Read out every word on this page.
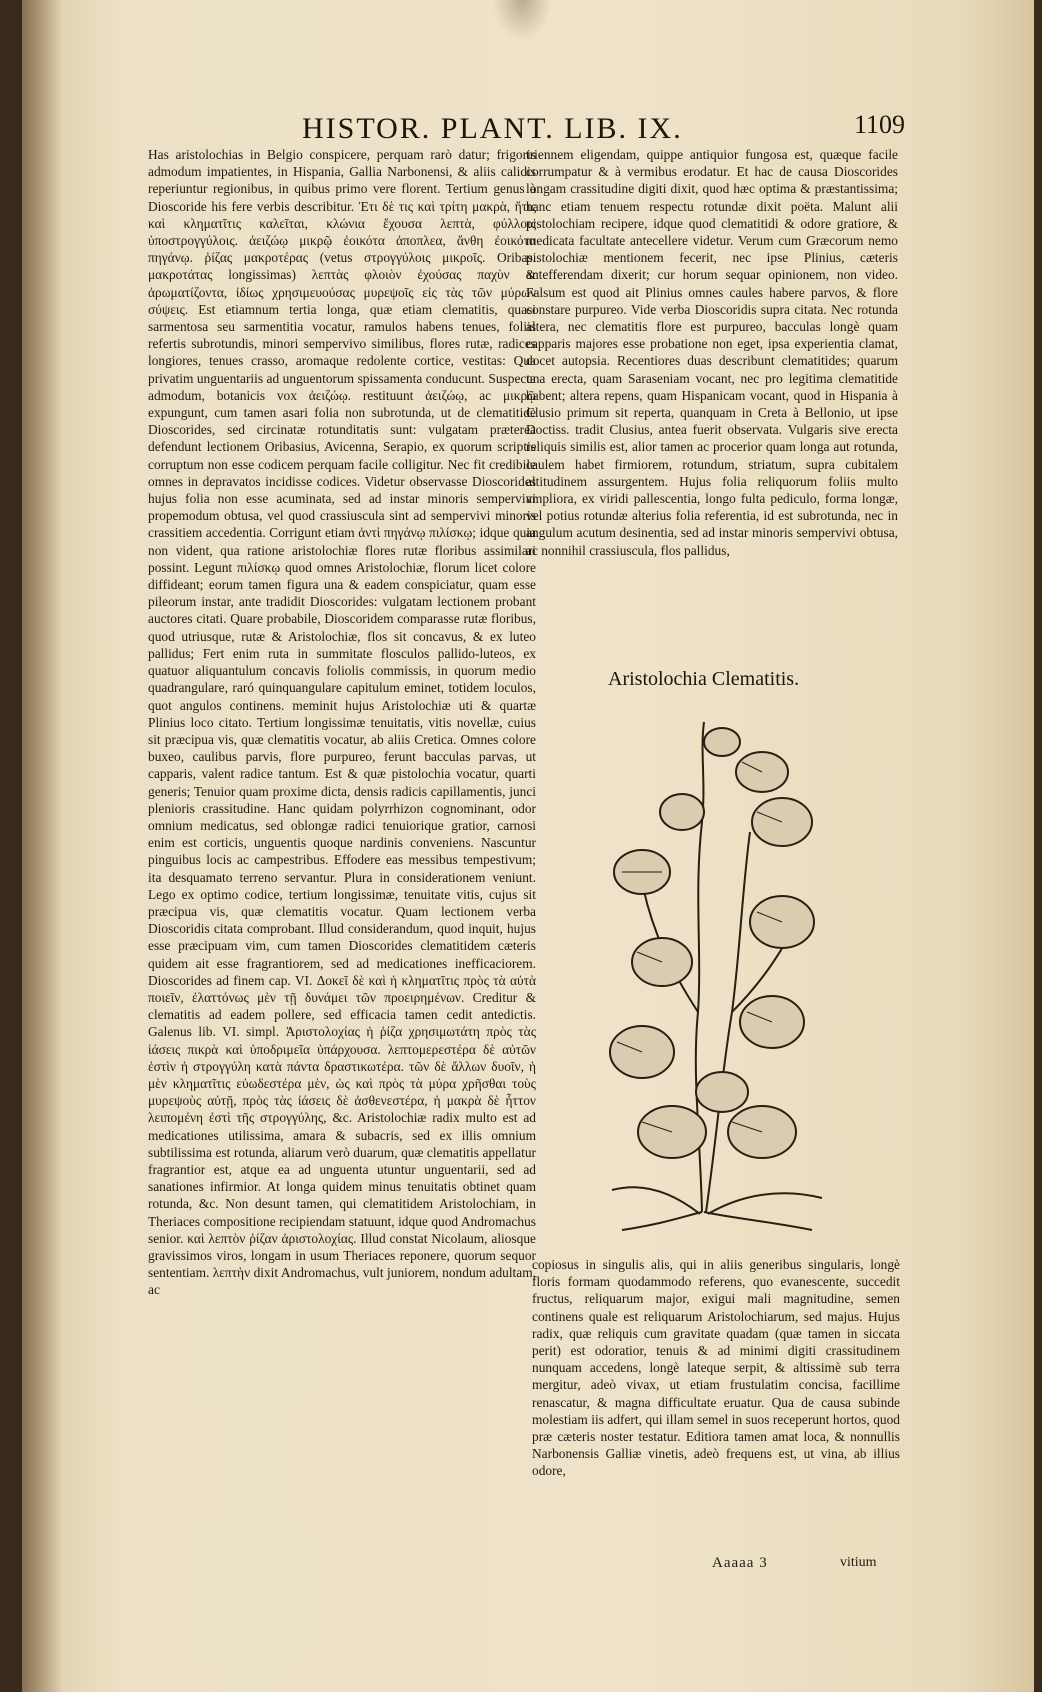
HISTOR. PLANT. LIB. IX.	1109

Has aristolochias in Belgio conspicere, perquam rarò datur; frigoris admodum impatientes, in Hispania, Gallia Narbonensi, & aliis calidis reperiuntur regionibus, in quibus primo vere florent. Tertium genus à Dioscoride his fere verbis describitur. Ἐτι δὲ τις καὶ τρίτη μακρὰ, ἥτις καὶ κληματῖτις καλεῖται, κλώνια ἔχουσα λεπτὰ, φύλλοις ὑποστρογγύλοις. ἀειζώῳ μικρῷ ἐοικότα ἀποπλεα, ἄνθη ἐοικότα πηγάνῳ. ῥίζας μακροτέρας (vetus στρογγύλοις μικροῖς. Oribas. μακροτάτας longissimas) λεπτὰς φλοιὸν ἐχούσας παχὺν & ἀρωματίζοντα, ἰδίως χρησιμευούσας μυρεψοῖς εἰς τὰς τῶν μύρων σύψεις. Est etiamnum tertia longa, quæ etiam clematitis, quasi sarmentosa seu sarmentitia vocatur, ramulos habens tenues, foliis refertis subrotundis, minori sempervivo similibus, flores rutæ, radices longiores, tenues crasso, aromaque redolente cortice, vestitas: Qua privatim unguentariis ad unguentorum spissamenta conducunt. Suspecta admodum, botanicis vox ἀειζώῳ. restituunt ἀειζώῳ, ac μικρῷ expungunt, cum tamen asari folia non subrotunda, ut de clematitide Dioscorides, sed circinatæ rotunditatis sunt: vulgatam præterea defendunt lectionem Oribasius, Avicenna, Serapio, ex quorum scriptis corruptum non esse codicem perquam facile colligitur. Nec fit credibile omnes in depravatos incidisse codices. Videtur observasse Dioscorides hujus folia non esse acuminata, sed ad instar minoris sempervivi propemodum obtusa, vel quod crassiuscula sint ad sempervivi minoris crassitiem accedentia. Corrigunt etiam ἀντὶ πηγάνῳ πιλίσκῳ; idque quia non vident, qua ratione aristolochiæ flores rutæ floribus assimilari possint. Legunt πιλίσκῳ quod omnes Aristolochiæ, florum licet colore diffideant; eorum tamen figura una & eadem conspiciatur, quam esse pileorum instar, ante tradidit Dioscorides: vulgatam lectionem probant auctores citati. Quare probabile, Dioscoridem comparasse rutæ floribus, quod utriusque, rutæ & Aristolochiæ, flos sit concavus, & ex luteo pallidus; Fert enim ruta in summitate flosculos pallido-luteos, ex quatuor aliquantulum concavis foliolis commissis, in quorum medio quadrangulare, raró quinquangulare capitulum eminet, totidem loculos, quot angulos continens. meminit hujus Aristolochiæ uti & quartæ Plinius loco citato. Tertium longissimæ tenuitatis, vitis novellæ, cuius sit præcipua vis, quæ clematitis vocatur, ab aliis Cretica. Omnes colore buxeo, caulibus parvis, flore purpureo, ferunt bacculas parvas, ut capparis, valent radice tantum. Est & quæ pistolochia vocatur, quarti generis; Tenuior quam proxime dicta, densis radicis capillamentis, junci plenioris crassitudine. Hanc quidam polyrrhizon cognominant, odor omnium medicatus, sed oblongæ radici tenuiorique gratior, carnosi enim est corticis, unguentis quoque nardinis conveniens. Nascuntur pinguibus locis ac campestribus. Effodere eas messibus tempestivum; ita desquamato terreno servantur. Plura in considerationem veniunt. Lego ex optimo codice, tertium longissimæ, tenuitate vitis, cujus sit præcipua vis, quæ clematitis vocatur. Quam lectionem verba Dioscoridis citata comprobant. Illud considerandum, quod inquit, hujus esse præcipuam vim, cum tamen Dioscorides clematitidem cæteris quidem ait esse fragrantiorem, sed ad medicationes inefficaciorem. Dioscorides ad finem cap. VI. Δοκεῖ δὲ καὶ ἡ κληματῖτις πρὸς τὰ αὐτὰ ποιεῖν, ἐλαττόνως μὲν τῇ δυνάμει τῶν προειρημένων. Creditur & clematitis ad eadem pollere, sed efficacia tamen cedit antedictis. Galenus lib. VI. simpl. Ἀριστολοχίας ἡ ῥίζα χρησιμωτάτη πρὸς τὰς ἰάσεις πικρὰ καὶ ὑποδριμεῖα ὑπάρχουσα. λεπτομερεστέρα δὲ αὐτῶν ἐστὶν ἡ στρογγύλη κατὰ πάντα δραστικωτέρα. τῶν δὲ ἄλλων δυοῖν, ἡ μὲν κληματῖτις εὐωδεστέρα μὲν, ὡς καὶ πρὸς τὰ μύρα χρῆσθαι τοὺς μυρεψοὺς αὐτῇ, πρὸς τὰς ἰάσεις δὲ ἀσθενεστέρα, ἡ μακρὰ δὲ ἧττον λειπομένη ἐστὶ τῆς στρογγύλης, &c. Aristolochiæ radix multo est ad medicationes utilissima, amara & subacris, sed ex illis omnium subtilissima est rotunda, aliarum verò duarum, quæ clematitis appellatur fragrantior est, atque ea ad unguenta utuntur unguentarii, sed ad sanationes infirmior. At longa quidem minus tenuitatis obtinet quam rotunda, &c. Non desunt tamen, qui clematitidem Aristolochiam, in Theriaces compositione recipiendam statuunt, idque quod Andromachus senior. καὶ λεπτὸν ῥίζαν ἀριστολοχίας. Illud constat Nicolaum, aliosque gravissimos viros, longam in usum Theriaces reponere, quorum sequor sententiam. λεπτὴν dixit Andromachus, vult juniorem, nondum adultam, ac

triennem eligendam, quippe antiquior fungosa est, quæque facile corrumpatur & à vermibus erodatur. Et hac de causa Dioscorides longam crassitudine digiti dixit, quod hæc optima & præstantissima; hanc etiam tenuem respectu rotundæ dixit poëta. Malunt alii pistolochiam recipere, idque quod clematitidi & odore gratiore, & medicata facultate antecellere videtur. Verum cum Græcorum nemo pistolochiæ mentionem fecerit, nec ipse Plinius, cæteris antefferendam dixerit; cur horum sequar opinionem, non video. Falsum est quod ait Plinius omnes caules habere parvos, & flore constare purpureo. Vide verba Dioscoridis supra citata. Nec rotunda altera, nec clematitis flore est purpureo, bacculas longè quam capparis majores esse probatione non eget, ipsa experientia clamat, docet autopsia. Recentiores duas describunt clematitides; quarum una erecta, quam Saraseniam vocant, nec pro legitima clematitide habent; altera repens, quam Hispanicam vocant, quod in Hispania à Clusio primum sit reperta, quanquam in Creta à Bellonio, ut ipse Doctiss. tradit Clusius, antea fuerit observata. Vulgaris sive erecta reliquis similis est, alior tamen ac procerior quam longa aut rotunda, caulem habet firmiorem, rotundum, striatum, supra cubitalem altitudinem assurgentem. Hujus folia reliquorum foliis multo ampliora, ex viridi pallescentia, longo fulta pediculo, forma longæ, vel potius rotundæ alterius folia referentia, id est subrotunda, nec in angulum acutum desinentia, sed ad instar minoris sempervivi obtusa, ac nonnihil crassiuscula, flos pallidus,

Aristolochia Clematitis.

copiosus in singulis alis, qui in aliis generibus singularis, longè floris formam quodammodo referens, quo evanescente, succedit fructus, reliquarum major, exigui mali magnitudine, semen continens quale est reliquarum Aristolochiarum, sed majus. Hujus radix, quæ reliquis cum gravitate quadam (quæ tamen in siccata perit) est odoratior, tenuis & ad minimi digiti crassitudinem nunquam accedens, longè lateque serpit, & altissimè sub terra mergitur, adeò vivax, ut etiam frustulatim concisa, facillime renascatur, & magna difficultate eruatur. Qua de causa subinde molestiam iis adfert, qui illam semel in suos receperunt hortos, quod præ cæteris noster testatur. Editiora tamen amat loca, & nonnullis Narbonensis Galliæ vinetis, adeò frequens est, ut vina, ab illius odore,

Aaaaa 3	vitium
